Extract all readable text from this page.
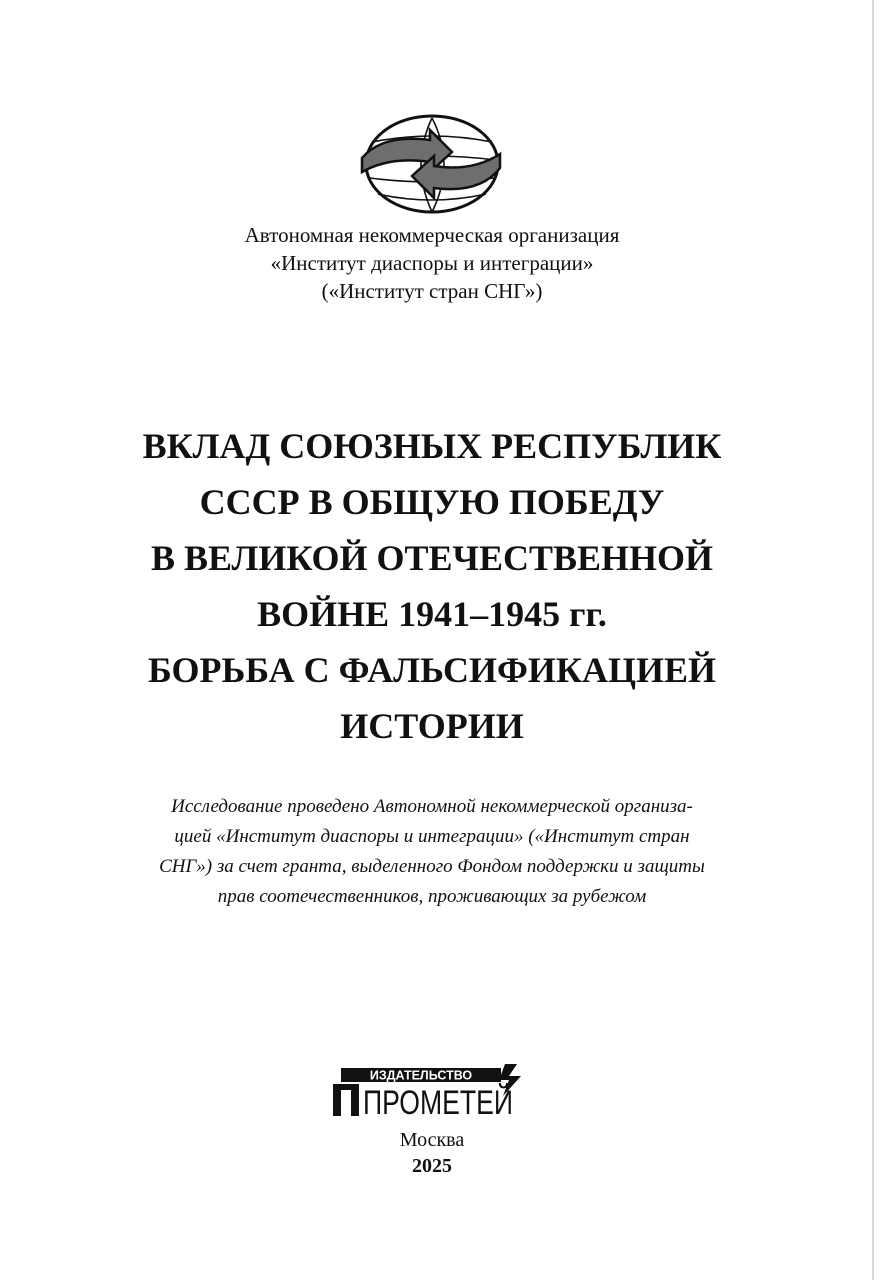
Автономная некоммерческая организация
«Институт диаспоры и интеграции»
(«Институт стран СНГ»)
ВКЛАД СОЮЗНЫХ РЕСПУБЛИК
СССР В ОБЩУЮ ПОБЕДУ
В ВЕЛИКОЙ ОТЕЧЕСТВЕННОЙ
ВОЙНЕ 1941–1945 гг.
БОРЬБА С ФАЛЬСИФИКАЦИЕЙ
ИСТОРИИ
Исследование проведено Автономной некоммерческой организа-
цией «Институт диаспоры и интеграции» («Институт стран
СНГ») за счет гранта, выделенного Фондом поддержки и защиты
прав соотечественников, проживающих за рубежом
ИЗДАТЕЛЬСТВО
ПРОМЕТЕЙ
Москва
2025
